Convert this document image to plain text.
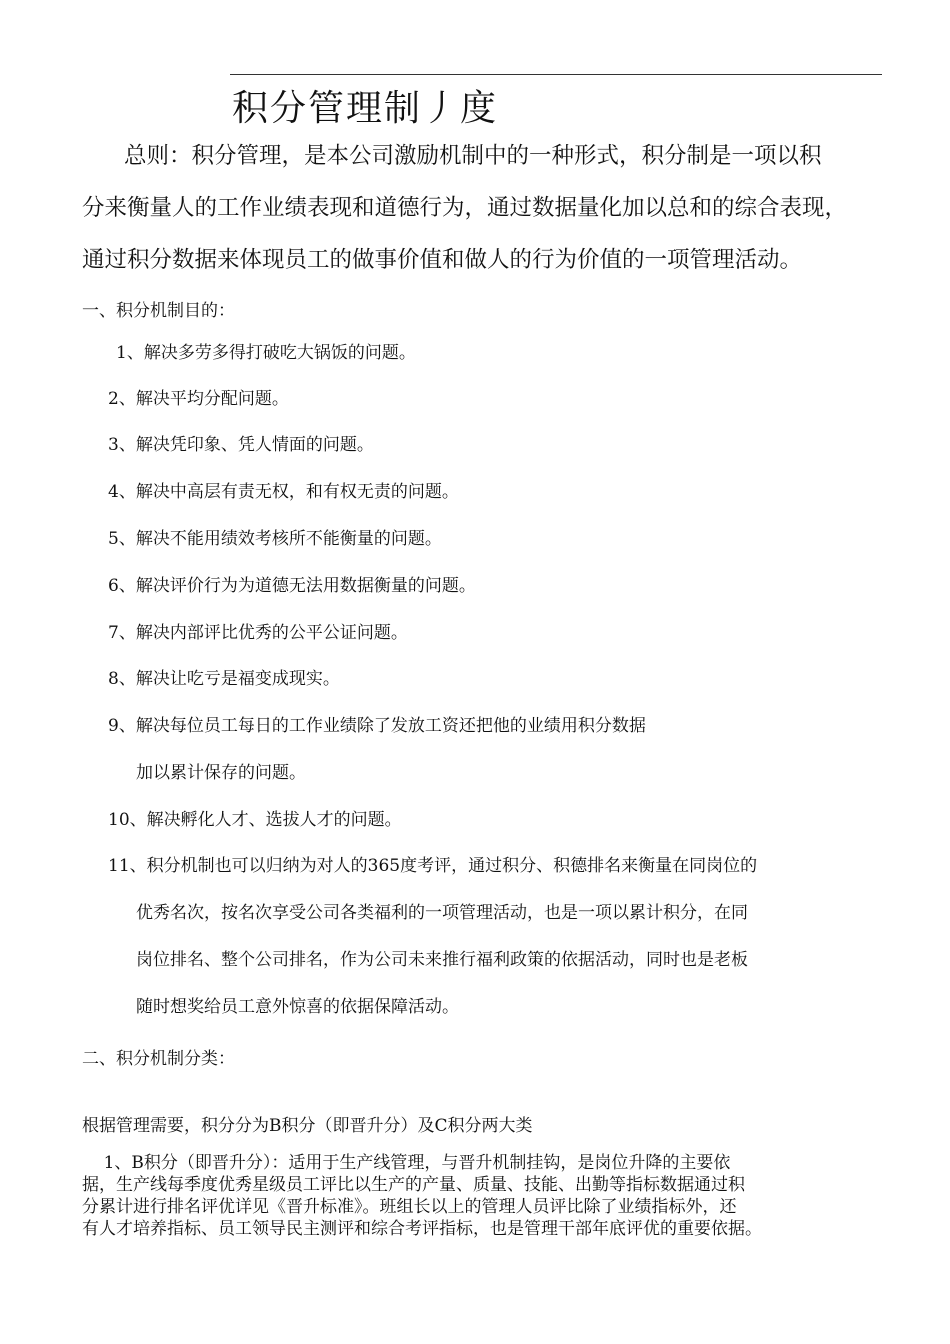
积分管理制丿度
总则：积分管理，是本公司激励机制中的一种形式，积分制是一项以积
分来衡量人的工作业绩表现和道德行为，通过数据量化加以总和的综合表现，
通过积分数据来体现员工的做事价值和做人的行为价值的一项管理活动。
一、积分机制目的：
1、解决多劳多得打破吃大锅饭的问题。
2、解决平均分配问题。
3、解决凭印象、凭人情面的问题。
4、解决中高层有责无权，和有权无责的问题。
5、解决不能用绩效考核所不能衡量的问题。
6、解决评价行为为道德无法用数据衡量的问题。
7、解决内部评比优秀的公平公证问题。
8、解决让吃亏是福变成现实。
9、解决每位员工每日的工作业绩除了发放工资还把他的业绩用积分数据
加以累计保存的问题。
10、解决孵化人才、选拔人才的问题。
11、积分机制也可以归纳为对人的365度考评，通过积分、积德排名来衡量在同岗位的
优秀名次，按名次享受公司各类福利的一项管理活动，也是一项以累计积分，在同
岗位排名、整个公司排名，作为公司未来推行福利政策的依据活动，同时也是老板
随时想奖给员工意外惊喜的依据保障活动。
二、积分机制分类：
根据管理需要，积分分为B积分（即晋升分）及C积分两大类
1、B积分（即晋升分）：适用于生产线管理，与晋升机制挂钩，是岗位升降的主要依
据，生产线每季度优秀星级员工评比以生产的产量、质量、技能、出勤等指标数据通过积
分累计进行排名评优详见《晋升标准》。班组长以上的管理人员评比除了业绩指标外，还
有人才培养指标、员工领导民主测评和综合考评指标，也是管理干部年底评优的重要依据。
